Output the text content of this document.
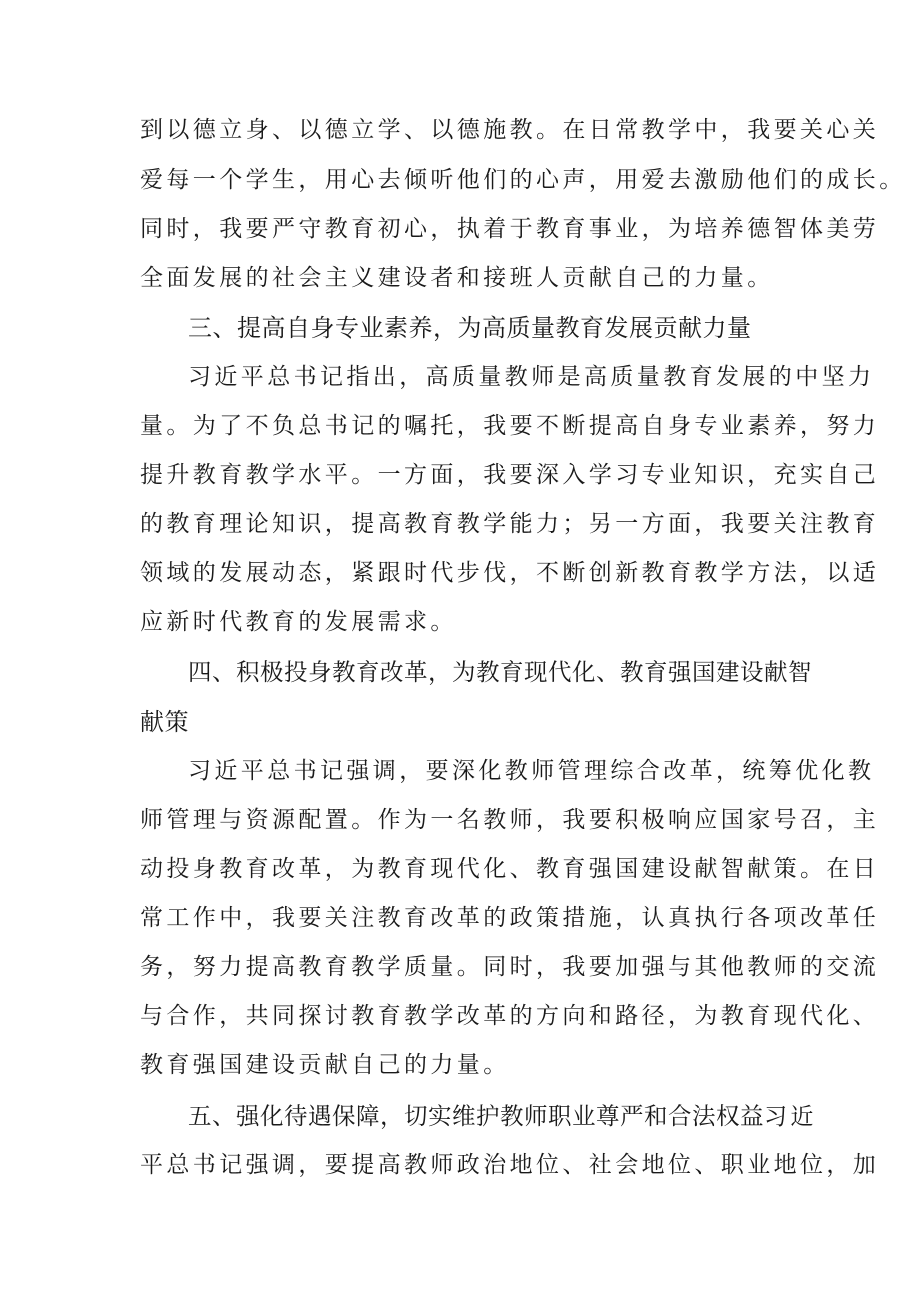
到以德立身、以德立学、以德施教。在日常教学中，我要关心关
爱每一个学生，用心去倾听他们的心声，用爱去激励他们的成长。
同时，我要严守教育初心，执着于教育事业，为培养德智体美劳
全面发展的社会主义建设者和接班人贡献自己的力量。
三、提高自身专业素养，为高质量教育发展贡献力量
习近平总书记指出，高质量教师是高质量教育发展的中坚力
量。为了不负总书记的嘱托，我要不断提高自身专业素养，努力
提升教育教学水平。一方面，我要深入学习专业知识，充实自己
的教育理论知识，提高教育教学能力；另一方面，我要关注教育
领域的发展动态，紧跟时代步伐，不断创新教育教学方法，以适
应新时代教育的发展需求。
四、积极投身教育改革，为教育现代化、教育强国建设献智
献策
习近平总书记强调，要深化教师管理综合改革，统筹优化教
师管理与资源配置。作为一名教师，我要积极响应国家号召，主
动投身教育改革，为教育现代化、教育强国建设献智献策。在日
常工作中，我要关注教育改革的政策措施，认真执行各项改革任
务，努力提高教育教学质量。同时，我要加强与其他教师的交流
与合作，共同探讨教育教学改革的方向和路径，为教育现代化、
教育强国建设贡献自己的力量。
五、强化待遇保障，切实维护教师职业尊严和合法权益习近
平总书记强调，要提高教师政治地位、社会地位、职业地位，加
